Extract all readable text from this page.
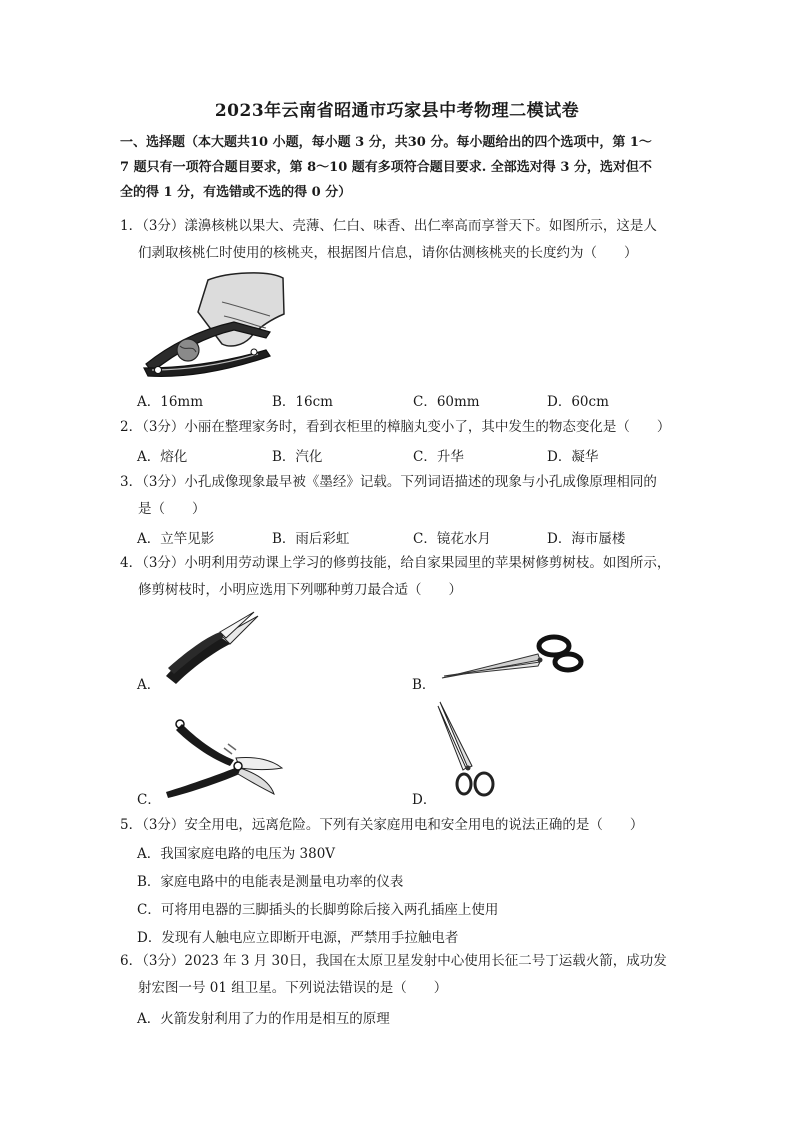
2023年云南省昭通市巧家县中考物理二模试卷
一、选择题（本大题共10 小题，每小题 3 分，共30 分。每小题给出的四个选项中，第 1～
7 题只有一项符合题目要求，第 8～10 题有多项符合题目要求. 全部选对得 3 分，选对但不
全的得 1 分，有选错或不选的得 0 分）
1．（3分）漾濞核桃以果大、壳薄、仁白、味香、出仁率高而享誉天下。如图所示，这是人
们剥取核桃仁时使用的核桃夹，根据图片信息，请你估测核桃夹的长度约为（　　）
A．16mm	B．16cm	C．60mm	D．60cm
2．（3分）小丽在整理家务时，看到衣柜里的樟脑丸变小了，其中发生的物态变化是（　　）
A．熔化	B．汽化	C．升华	D．凝华
3．（3分）小孔成像现象最早被《墨经》记载。下列词语描述的现象与小孔成像原理相同的
是（　　）
A．立竿见影	B．雨后彩虹	C．镜花水月	D．海市蜃楼
4．（3分）小明利用劳动课上学习的修剪技能，给自家果园里的苹果树修剪树枝。如图所示，
修剪树枝时，小明应选用下列哪种剪刀最合适（　　）
A．	B．
C．	D．
5．（3分）安全用电，远离危险。下列有关家庭用电和安全用电的说法正确的是（　　）
A．我国家庭电路的电压为 380V
B．家庭电路中的电能表是测量电功率的仪表
C．可将用电器的三脚插头的长脚剪除后接入两孔插座上使用
D．发现有人触电应立即断开电源，严禁用手拉触电者
6．（3分）2023 年 3 月 30日，我国在太原卫星发射中心使用长征二号丁运载火箭，成功发
射宏图一号 01 组卫星。下列说法错误的是（　　）
A．火箭发射利用了力的作用是相互的原理
